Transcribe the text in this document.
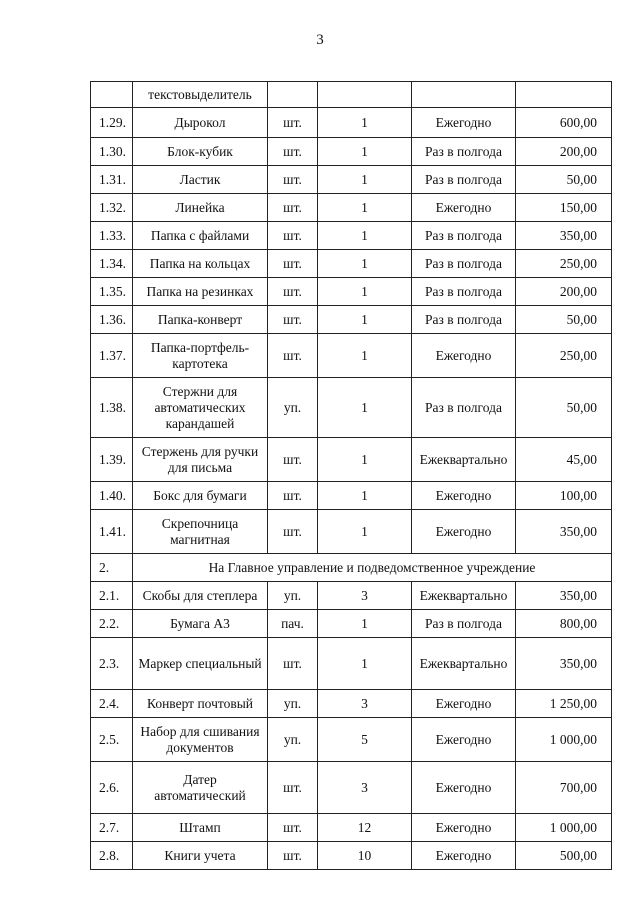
3
	текстовыделитель				
1.29.	Дырокол	шт.	1	Ежегодно	600,00
1.30.	Блок-кубик	шт.	1	Раз в полгода	200,00
1.31.	Ластик	шт.	1	Раз в полгода	50,00
1.32.	Линейка	шт.	1	Ежегодно	150,00
1.33.	Папка с файлами	шт.	1	Раз в полгода	350,00
1.34.	Папка на кольцах	шт.	1	Раз в полгода	250,00
1.35.	Папка на резинках	шт.	1	Раз в полгода	200,00
1.36.	Папка-конверт	шт.	1	Раз в полгода	50,00
1.37.	Папка-портфель-картотека	шт.	1	Ежегодно	250,00
1.38.	Стержни для автоматических карандашей	уп.	1	Раз в полгода	50,00
1.39.	Стержень для ручки для письма	шт.	1	Ежеквартально	45,00
1.40.	Бокс для бумаги	шт.	1	Ежегодно	100,00
1.41.	Скрепочница магнитная	шт.	1	Ежегодно	350,00
2.	На Главное управление и подведомственное учреждение				
2.1.	Скобы для степлера	уп.	3	Ежеквартально	350,00
2.2.	Бумага А3	пач.	1	Раз в полгода	800,00
2.3.	Маркер специальный	шт.	1	Ежеквартально	350,00
2.4.	Конверт почтовый	уп.	3	Ежегодно	1 250,00
2.5.	Набор для сшивания документов	уп.	5	Ежегодно	1 000,00
2.6.	Датер автоматический	шт.	3	Ежегодно	700,00
2.7.	Штамп	шт.	12	Ежегодно	1 000,00
2.8.	Книги учета	шт.	10	Ежегодно	500,00
